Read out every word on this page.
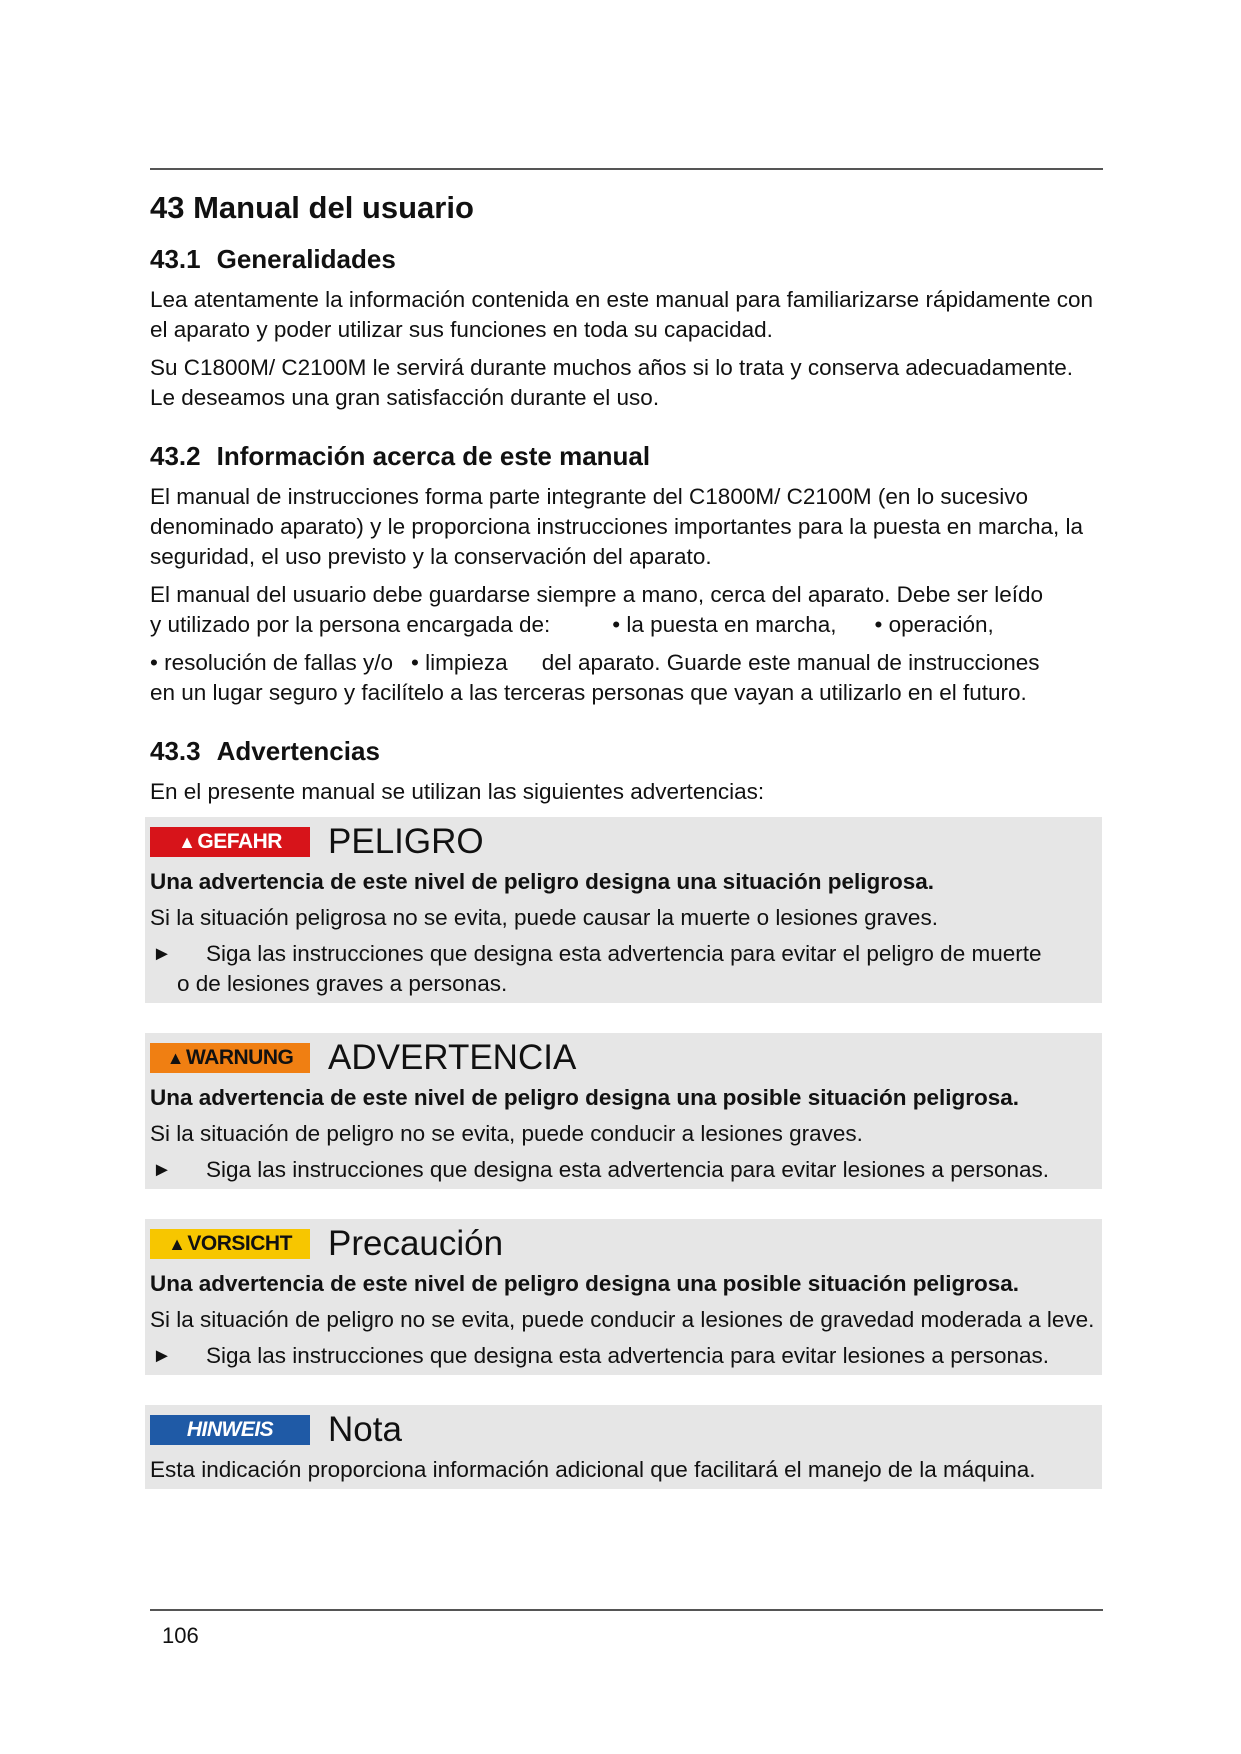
43 Manual del usuario
43.1 Generalidades

Lea atentamente la información contenida en este manual para familiarizarse rápidamente con el aparato y poder utilizar sus funciones en toda su capacidad.

Su C1800M/ C2100M le servirá durante muchos años si lo trata y conserva adecuadamente. Le deseamos una gran satisfacción durante el uso.

43.2 Información acerca de este manual

El manual de instrucciones forma parte integrante del C1800M/ C2100M (en lo sucesivo denominado aparato) y le proporciona instrucciones importantes para la puesta en marcha, la seguridad, el uso previsto y la conservación del aparato.

El manual del usuario debe guardarse siempre a mano, cerca del aparato. Debe ser leído
y utilizado por la persona encargada de:	• la puesta en marcha, • operación,

• resolución de fallas y/o • limpieza del aparato. Guarde este manual de instrucciones

en un lugar seguro y facilítelo a las terceras personas que vayan a utilizarlo en el futuro.

43.3 Advertencias

En el presente manual se utilizan las siguientes advertencias:

▲ GEFAHR PELIGRO

Una advertencia de este nivel de peligro designa una situación peligrosa.

Si la situación peligrosa no se evita, puede causar la muerte o lesiones graves.

► Siga las instrucciones que designa esta advertencia para evitar el peligro de muerte
o de lesiones graves a personas.

▲ WARNUNG ADVERTENCIA

Una advertencia de este nivel de peligro designa una posible situación peligrosa.

Si la situación de peligro no se evita, puede conducir a lesiones graves.

► Siga las instrucciones que designa esta advertencia para evitar lesiones a personas.

▲ VORSICHT Precaución

Una advertencia de este nivel de peligro designa una posible situación peligrosa.

Si la situación de peligro no se evita, puede conducir a lesiones de gravedad moderada a leve.

► Siga las instrucciones que designa esta advertencia para evitar lesiones a personas.

HINWEIS Nota

Esta indicación proporciona información adicional que facilitará el manejo de la máquina.

106
